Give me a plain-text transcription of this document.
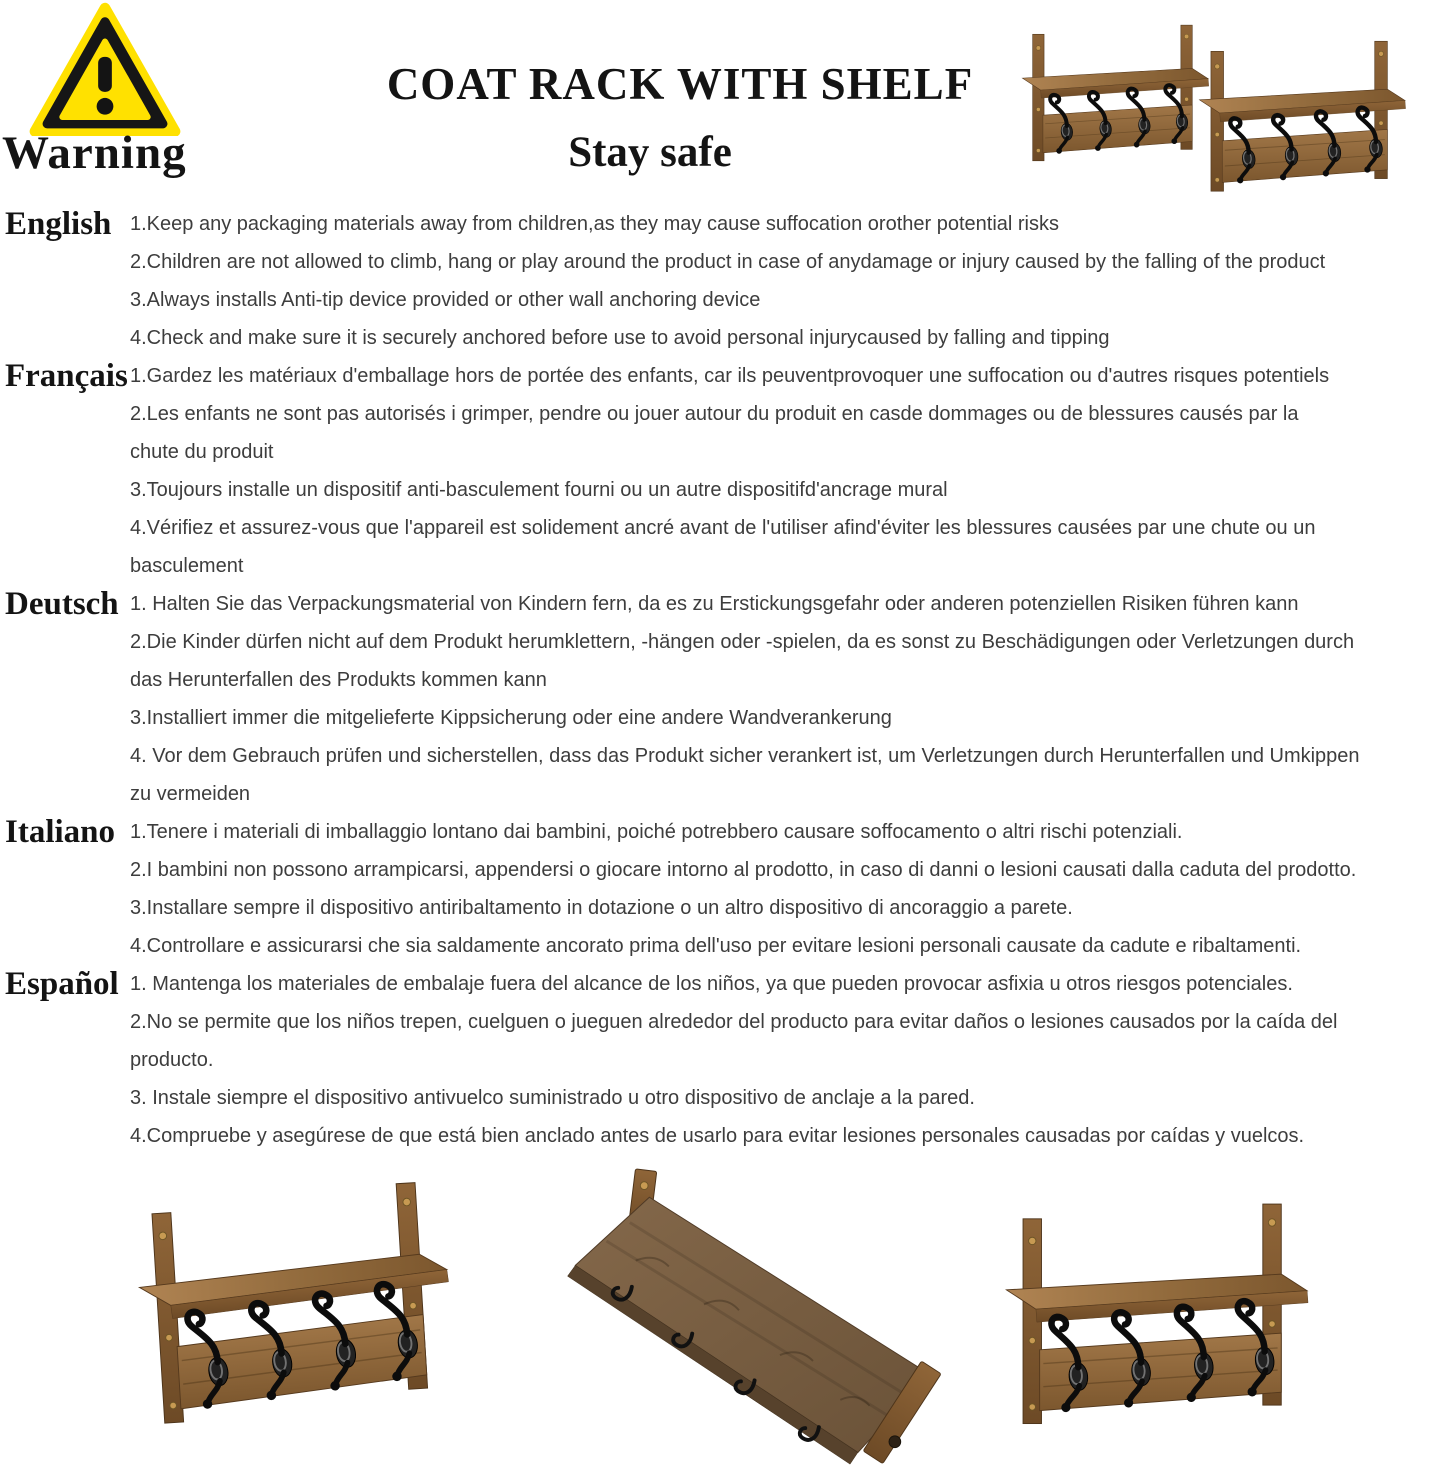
Warning
COAT RACK WITH SHELF
Stay safe
English 1.Keep any packaging materials away from children,as they may cause suffocation orother potential risks
2.Children are not allowed to climb, hang or play around the product in case of anydamage or injury caused by the falling of the product
3.Always installs Anti-tip device provided or other wall anchoring device
4.Check and make sure it is securely anchored before use to avoid personal injurycaused by falling and tipping
Français 1.Gardez les matériaux d'emballage hors de portée des enfants, car ils peuventprovoquer une suffocation ou d'autres risques potentiels
2.Les enfants ne sont pas autorisés i grimper, pendre ou jouer autour du produit en casde dommages ou de blessures causés par la
chute du produit
3.Toujours installe un dispositif anti-basculement fourni ou un autre dispositifd'ancrage mural
4.Vérifiez et assurez-vous que l'appareil est solidement ancré avant de l'utiliser afind'éviter les blessures causées par une chute ou un
basculement
Deutsch 1. Halten Sie das Verpackungsmaterial von Kindern fern, da es zu Erstickungsgefahr oder anderen potenziellen Risiken führen kann
2.Die Kinder dürfen nicht auf dem Produkt herumklettern, -hängen oder -spielen, da es sonst zu Beschädigungen oder Verletzungen durch
das Herunterfallen des Produkts kommen kann
3.Installiert immer die mitgelieferte Kippsicherung oder eine andere Wandverankerung
4. Vor dem Gebrauch prüfen und sicherstellen, dass das Produkt sicher verankert ist, um Verletzungen durch Herunterfallen und Umkippen
zu vermeiden
Italiano 1.Tenere i materiali di imballaggio lontano dai bambini, poiché potrebbero causare soffocamento o altri rischi potenziali.
2.I bambini non possono arrampicarsi, appendersi o giocare intorno al prodotto, in caso di danni o lesioni causati dalla caduta del prodotto.
3.Installare sempre il dispositivo antiribaltamento in dotazione o un altro dispositivo di ancoraggio a parete.
4.Controllare e assicurarsi che sia saldamente ancorato prima dell'uso per evitare lesioni personali causate da cadute e ribaltamenti.
Español 1. Mantenga los materiales de embalaje fuera del alcance de los niños, ya que pueden provocar asfixia u otros riesgos potenciales.
2.No se permite que los niños trepen, cuelguen o jueguen alrededor del producto para evitar daños o lesiones causados por la caída del
producto.
3. Instale siempre el dispositivo antivuelco suministrado u otro dispositivo de anclaje a la pared.
4.Compruebe y asegúrese de que está bien anclado antes de usarlo para evitar lesiones personales causadas por caídas y vuelcos.
